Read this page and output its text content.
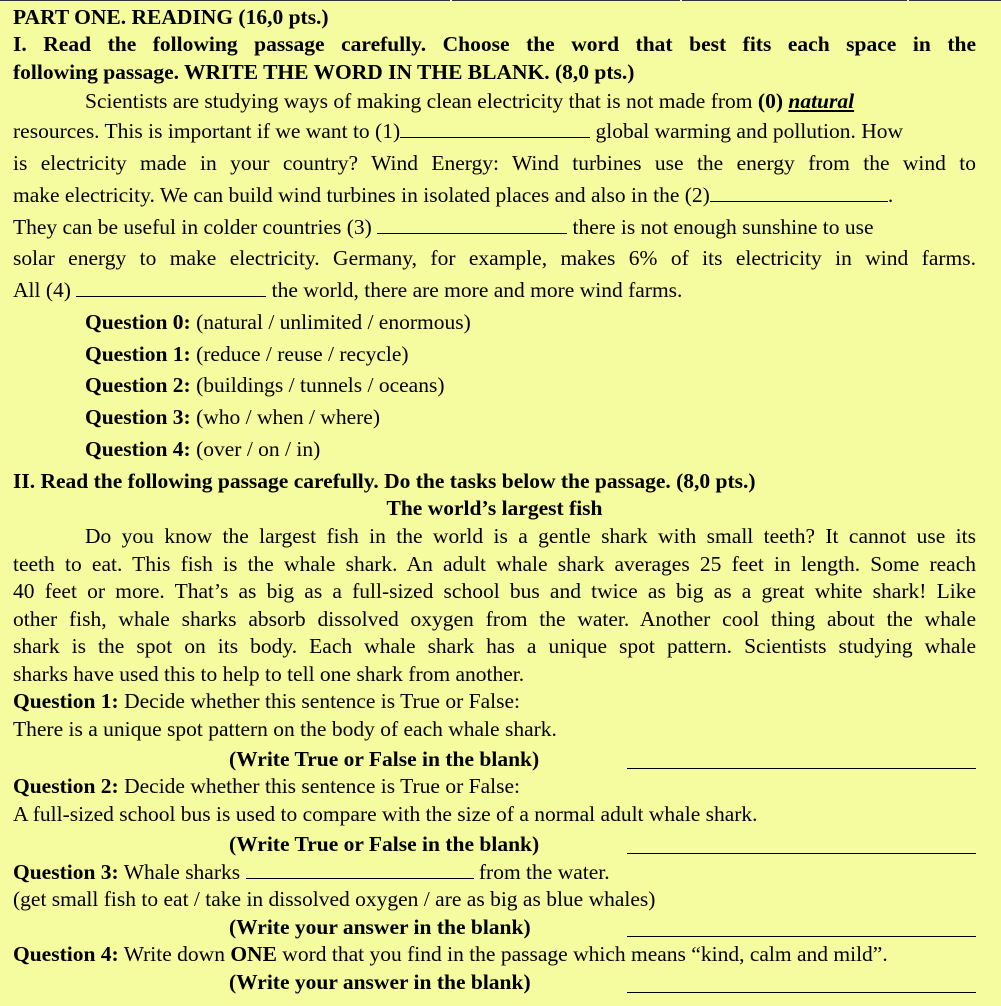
PART ONE. READING (16,0 pts.)
I. Read the following passage carefully. Choose the word that best fits each space in the
following passage. WRITE THE WORD IN THE BLANK. (8,0 pts.)
Scientists are studying ways of making clean electricity that is not made from (0) natural
resources. This is important if we want to (1)	global warming and pollution. How
is electricity made in your country? Wind Energy: Wind turbines use the energy from the wind to
make electricity. We can build wind turbines in isolated places and also in the (2)	.
They can be useful in colder countries (3)	there is not enough sunshine to use
solar energy to make electricity. Germany, for example, makes 6% of its electricity in wind farms.
All (4)	the world, there are more and more wind farms.
Question 0: (natural / unlimited / enormous)
Question 1: (reduce / reuse / recycle)
Question 2: (buildings / tunnels / oceans)
Question 3: (who / when / where)
Question 4: (over / on / in)
II. Read the following passage carefully. Do the tasks below the passage. (8,0 pts.)
The world’s largest fish
Do you know the largest fish in the world is a gentle shark with small teeth? It cannot use its
teeth to eat. This fish is the whale shark. An adult whale shark averages 25 feet in length. Some reach
40 feet or more. That’s as big as a full-sized school bus and twice as big as a great white shark! Like
other fish, whale sharks absorb dissolved oxygen from the water. Another cool thing about the whale
shark is the spot on its body. Each whale shark has a unique spot pattern. Scientists studying whale
sharks have used this to help to tell one shark from another.
Question 1: Decide whether this sentence is True or False:
There is a unique spot pattern on the body of each whale shark.
(Write True or False in the blank)
Question 2: Decide whether this sentence is True or False:
A full-sized school bus is used to compare with the size of a normal adult whale shark.
(Write True or False in the blank)
Question 3: Whale sharks	from the water.
(get small fish to eat / take in dissolved oxygen / are as big as blue whales)
(Write your answer in the blank)
Question 4: Write down ONE word that you find in the passage which means “kind, calm and mild”.
(Write your answer in the blank)
